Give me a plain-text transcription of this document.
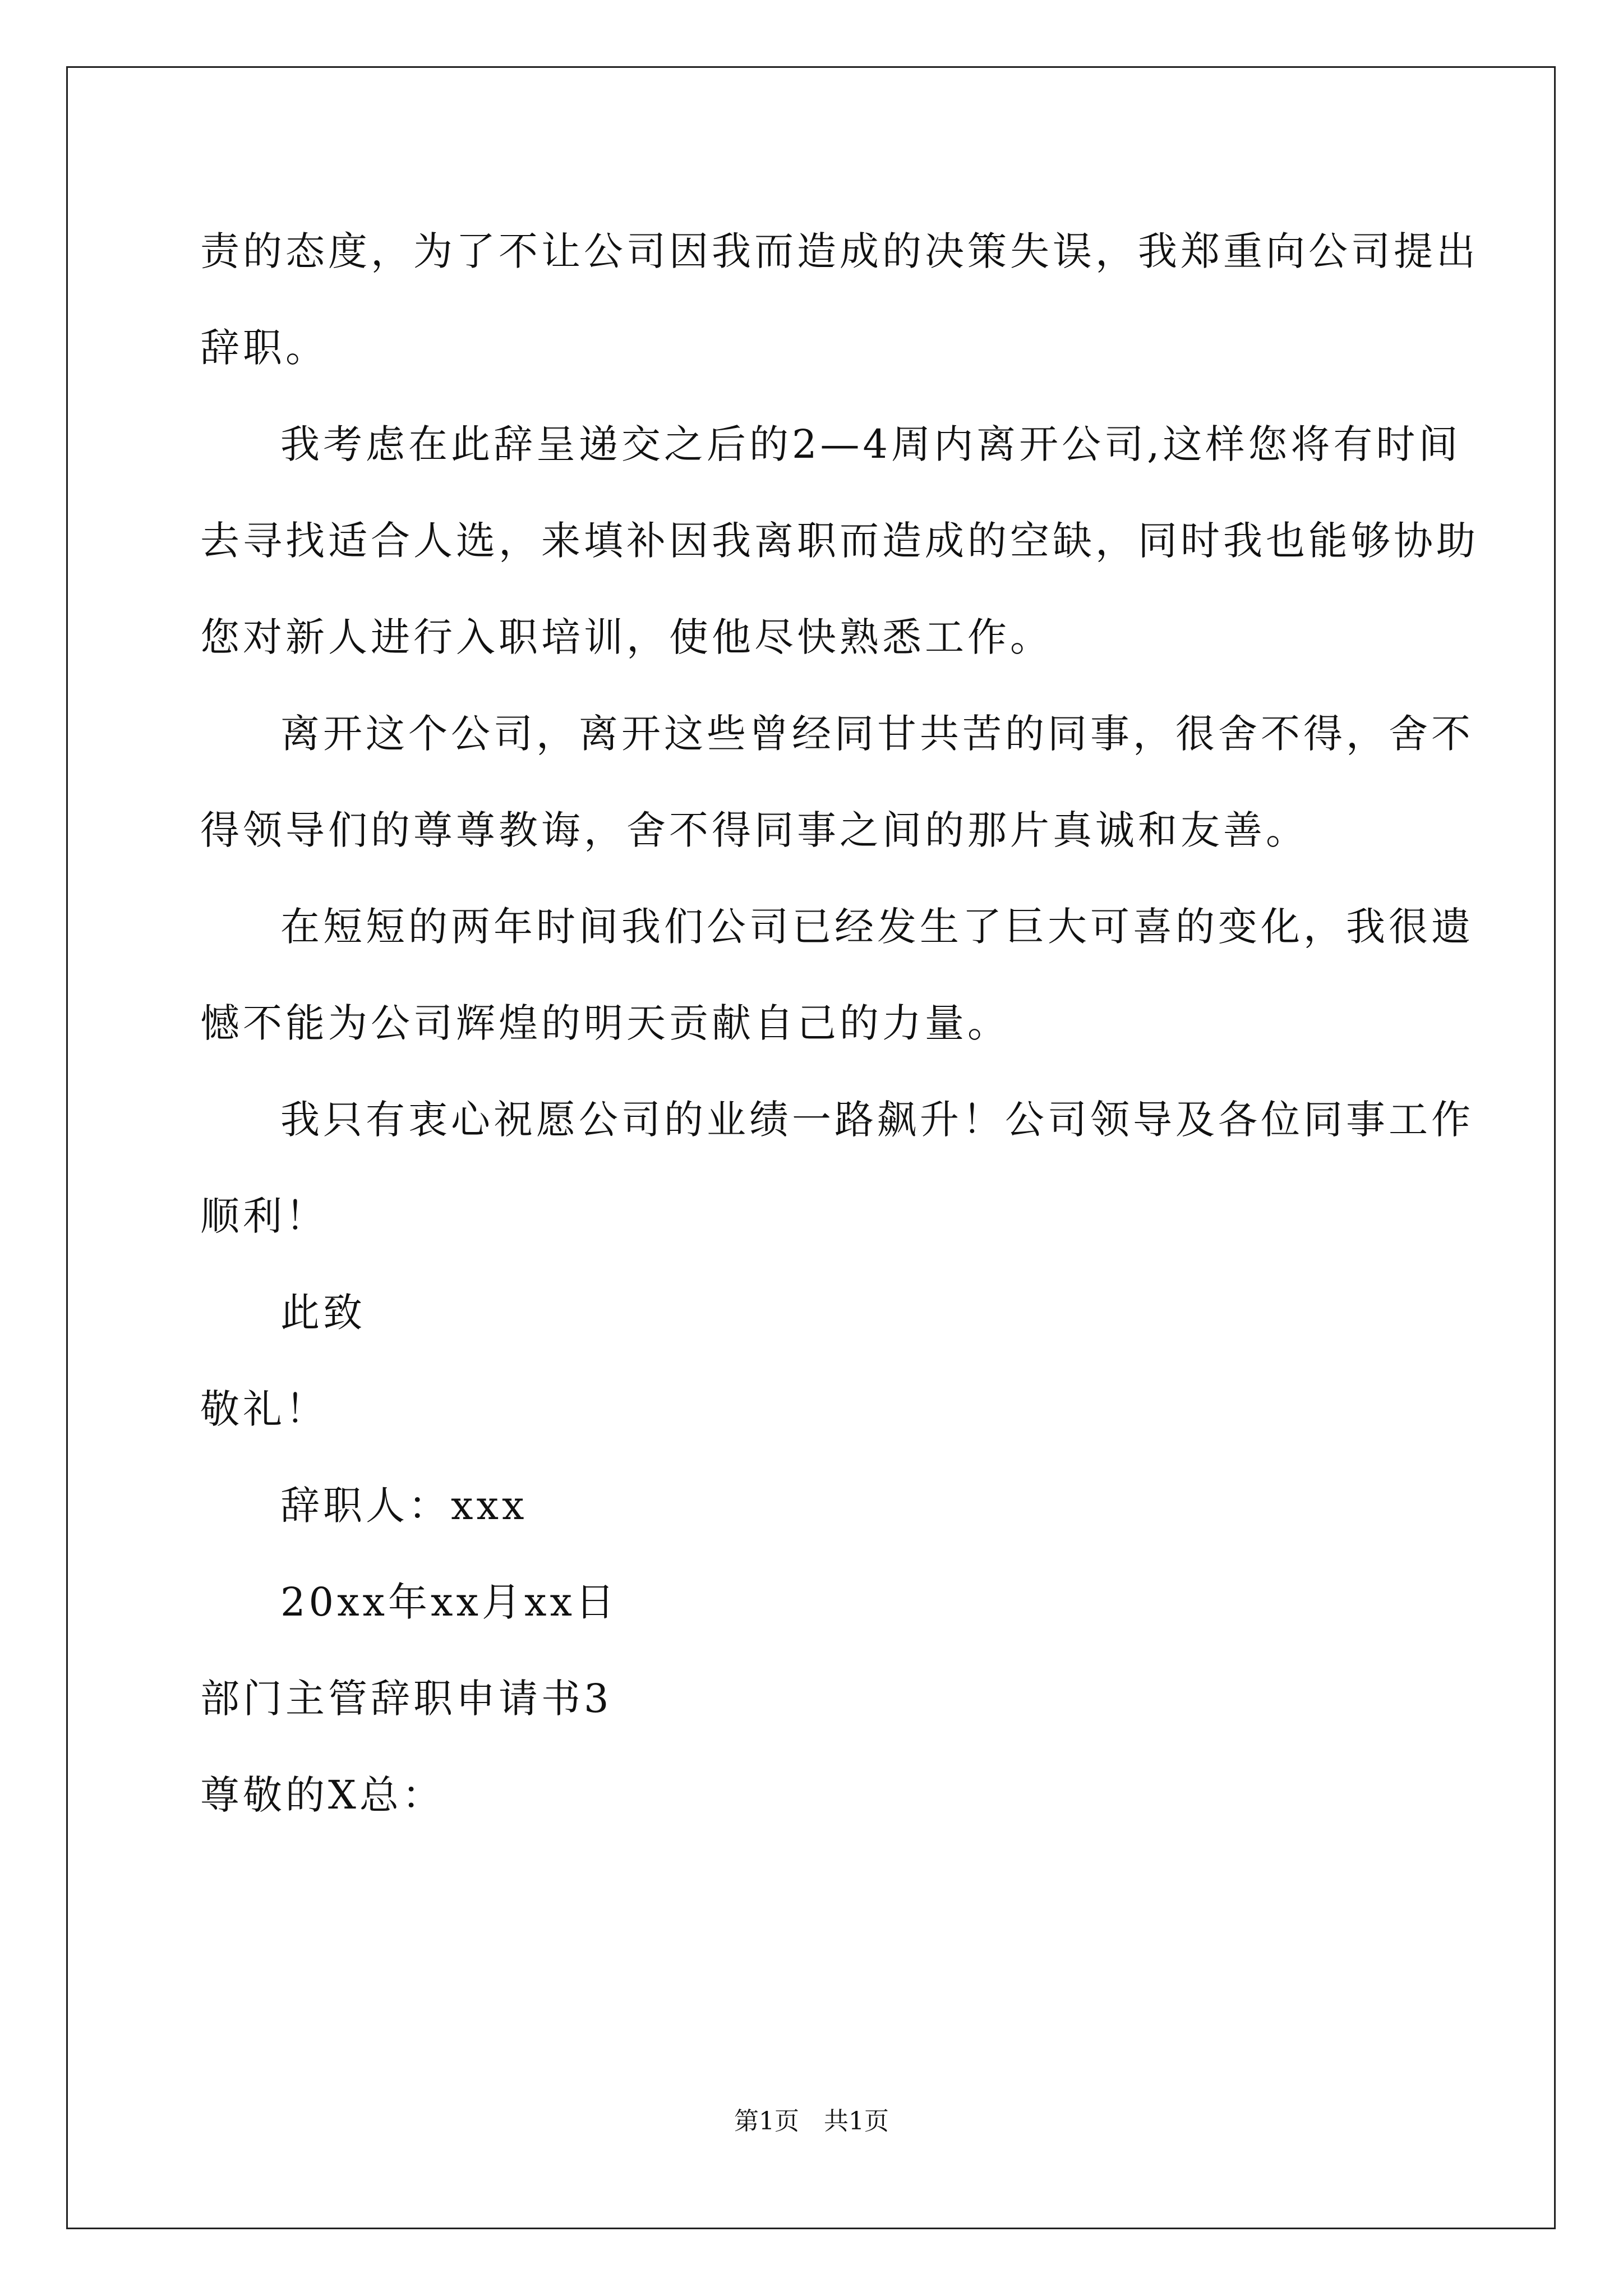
责的态度，为了不让公司因我而造成的决策失误，我郑重向公司提出
辞职。
我考虑在此辞呈递交之后的2—4周内离开公司,这样您将有时间
去寻找适合人选，来填补因我离职而造成的空缺，同时我也能够协助
您对新人进行入职培训，使他尽快熟悉工作。
离开这个公司，离开这些曾经同甘共苦的同事，很舍不得，舍不
得领导们的尊尊教诲，舍不得同事之间的那片真诚和友善。
在短短的两年时间我们公司已经发生了巨大可喜的变化，我很遗
憾不能为公司辉煌的明天贡献自己的力量。
我只有衷心祝愿公司的业绩一路飙升！公司领导及各位同事工作
顺利！
此致
敬礼！
辞职人：xxx
20xx年xx月xx日
部门主管辞职申请书3
尊敬的X总：
第1页　共1页
